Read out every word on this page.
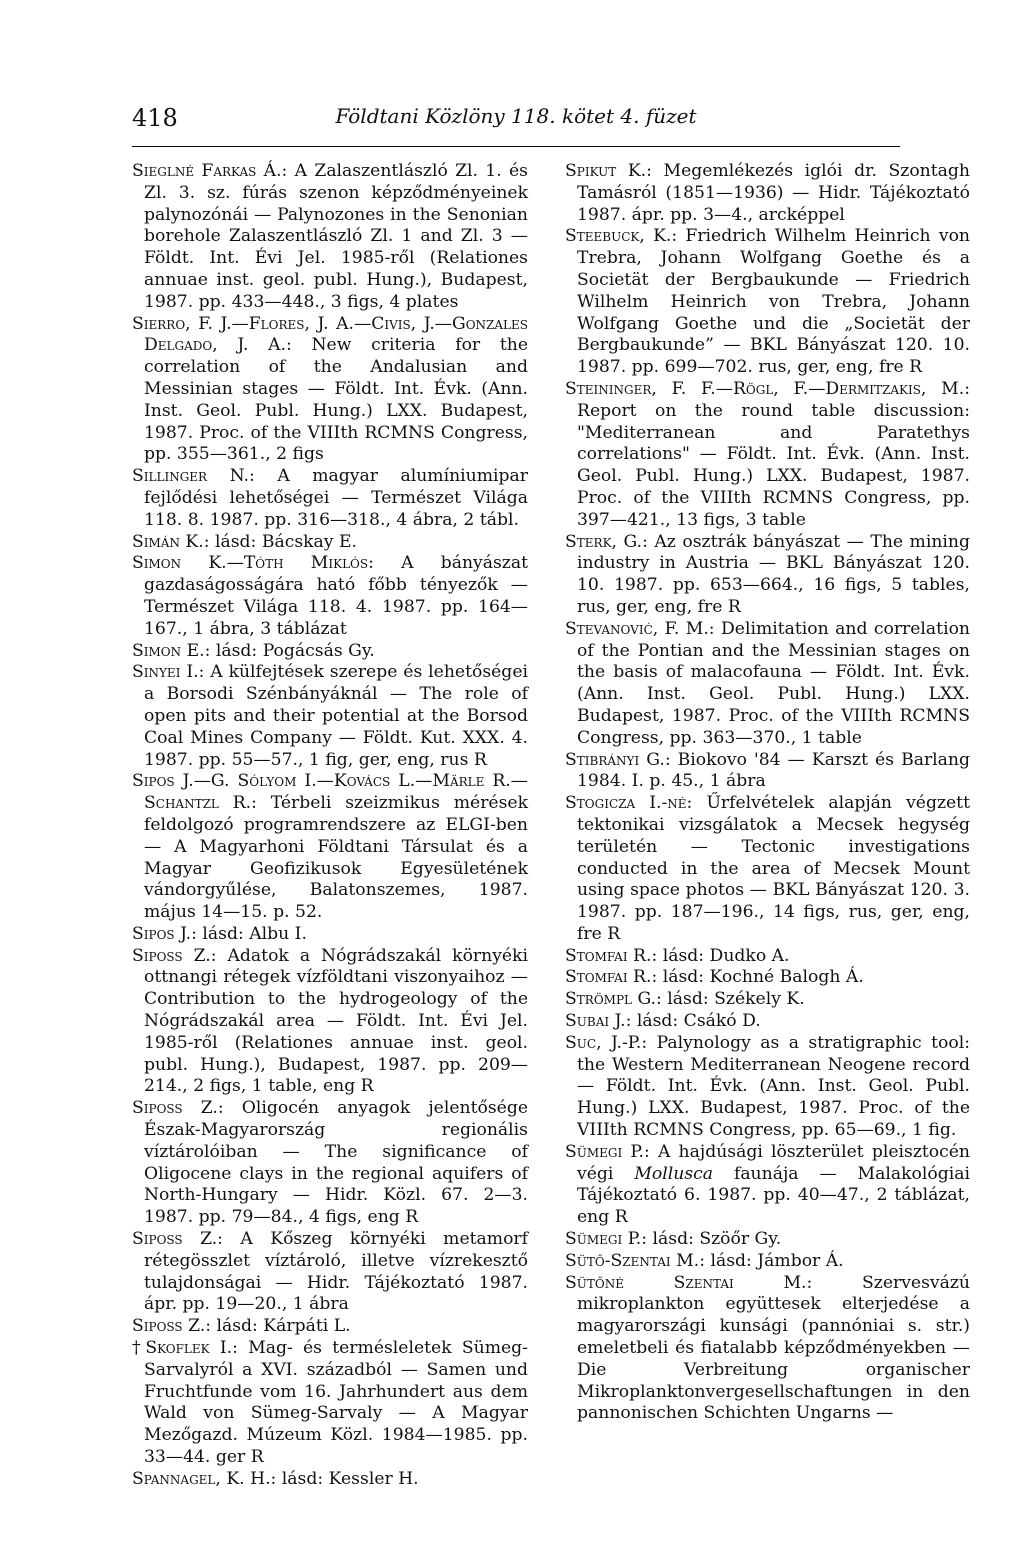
418	Földtani Közlöny 118. kötet 4. füzet
Sieglné Farkas Á.: A Zalaszentlászló Zl. 1. és Zl. 3. sz. fúrás szenon képződményeinek palynozónái — Palynozones in the Senonian borehole Zalaszentlászló Zl. 1 and Zl. 3 — Földt. Int. Évi Jel. 1985-ről (Relationes annuae inst. geol. publ. Hung.), Budapest, 1987. pp. 433—448., 3 figs, 4 plates
Sierro, F. J.—Flores, J. A.—Civis, J.—Gonzales Delgado, J. A.: New criteria for the correlation of the Andalusian and Messinian stages — Földt. Int. Évk. (Ann. Inst. Geol. Publ. Hung.) LXX. Budapest, 1987. Proc. of the VIIIth RCMNS Congress, pp. 355—361., 2 figs
Sillinger N.: A magyar alumíniumipar fejlődési lehetőségei — Természet Világa 118. 8. 1987. pp. 316—318., 4 ábra, 2 tábl.
Simán K.: lásd: Bácskay E.
Simon K.—Tóth Miklós: A bányászat gazdaságosságára ható főbb tényezők — Természet Világa 118. 4. 1987. pp. 164—167., 1 ábra, 3 táblázat
Simon E.: lásd: Pogácsás Gy.
Sinyei I.: A külfejtések szerepe és lehetőségei a Borsodi Szénbányáknál — The role of open pits and their potential at the Borsod Coal Mines Company — Földt. Kut. XXX. 4. 1987. pp. 55—57., 1 fig, ger, eng, rus R
Sipos J.—G. Sólyom I.—Kovács L.—Märle R.—Schantzl R.: Térbeli szeizmikus mérések feldolgozó programrendszere az ELGI-ben — A Magyarhoni Földtani Társulat és a Magyar Geofizikusok Egyesületének vándorgyűlése, Balatonszemes, 1987. május 14—15. p. 52.
Sipos J.: lásd: Albu I.
Siposs Z.: Adatok a Nógrádszakál környéki ottnangi rétegek vízföldtani viszonyaihoz — Contribution to the hydrogeology of the Nógrádszakál area — Földt. Int. Évi Jel. 1985-ről (Relationes annuae inst. geol. publ. Hung.), Budapest, 1987. pp. 209—214., 2 figs, 1 table, eng R
Siposs Z.: Oligocén anyagok jelentősége Észak-Magyarország regionális víztárolóiban — The significance of Oligocene clays in the regional aquifers of North-Hungary — Hidr. Közl. 67. 2—3. 1987. pp. 79—84., 4 figs, eng R
Siposs Z.: A Kőszeg környéki metamorf rétegösszlet víztároló, illetve vízrekesztő tulajdonságai — Hidr. Tájékoztató 1987. ápr. pp. 19—20., 1 ábra
Siposs Z.: lásd: Kárpáti L.
†Skoflek I.: Mag- és termésleletek Sümeg-Sarvalyról a XVI. századból — Samen und Fruchtfunde vom 16. Jahrhundert aus dem Wald von Sümeg-Sarvaly — A Magyar Mezőgazd. Múzeum Közl. 1984—1985. pp. 33—44. ger R
Spannagel, K. H.: lásd: Kessler H.
Spikut K.: Megemlékezés iglói dr. Szontagh Tamásról (1851—1936) — Hidr. Tájékoztató 1987. ápr. pp. 3—4., arcképpel
Steebuck, K.: Friedrich Wilhelm Heinrich von Trebra, Johann Wolfgang Goethe és a Societät der Bergbaukunde — Friedrich Wilhelm Heinrich von Trebra, Johann Wolfgang Goethe und die „Societät der Bergbaukunde” — BKL Bányászat 120. 10. 1987. pp. 699—702. rus, ger, eng, fre R
Steininger, F. F.—Rögl, F.—Dermitzakis, M.: Report on the round table discussion: "Mediterranean and Paratethys correlations" — Földt. Int. Évk. (Ann. Inst. Geol. Publ. Hung.) LXX. Budapest, 1987. Proc. of the VIIIth RCMNS Congress, pp. 397—421., 13 figs, 3 table
Sterk, G.: Az osztrák bányászat — The mining industry in Austria — BKL Bányászat 120. 10. 1987. pp. 653—664., 16 figs, 5 tables, rus, ger, eng, fre R
Stevanović, F. M.: Delimitation and correlation of the Pontian and the Messinian stages on the basis of malacofauna — Földt. Int. Évk. (Ann. Inst. Geol. Publ. Hung.) LXX. Budapest, 1987. Proc. of the VIIIth RCMNS Congress, pp. 363—370., 1 table
Stibrányi G.: Biokovo '84 — Karszt és Barlang 1984. I. p. 45., 1 ábra
Stogicza I.-né: Űrfelvételek alapján végzett tektonikai vizsgálatok a Mecsek hegység területén — Tectonic investigations conducted in the area of Mecsek Mount using space photos — BKL Bányászat 120. 3. 1987. pp. 187—196., 14 figs, rus, ger, eng, fre R
Stomfai R.: lásd: Dudko A.
Stomfai R.: lásd: Kochné Balogh Á.
Strömpl G.: lásd: Székely K.
Subai J.: lásd: Csákó D.
Suc, J.-P.: Palynology as a stratigraphic tool: the Western Mediterranean Neogene record — Földt. Int. Évk. (Ann. Inst. Geol. Publ. Hung.) LXX. Budapest, 1987. Proc. of the VIIIth RCMNS Congress, pp. 65—69., 1 fig.
Sümegi P.: A hajdúsági löszterület pleisztocén végi Mollusca faunája — Malakológiai Tájékoztató 6. 1987. pp. 40—47., 2 táblázat, eng R
Sümegi P.: lásd: Szöőr Gy.
Sütő-Szentai M.: lásd: Jámbor Á.
Sütőné Szentai M.: Szervesvázú mikroplankton együttesek elterjedése a magyarországi kunsági (pannóniai s. str.) emeletbeli és fiatalabb képződményekben — Die Verbreitung organischer Mikroplanktonvergesellschaftungen in den pannonischen Schichten Ungarns —
